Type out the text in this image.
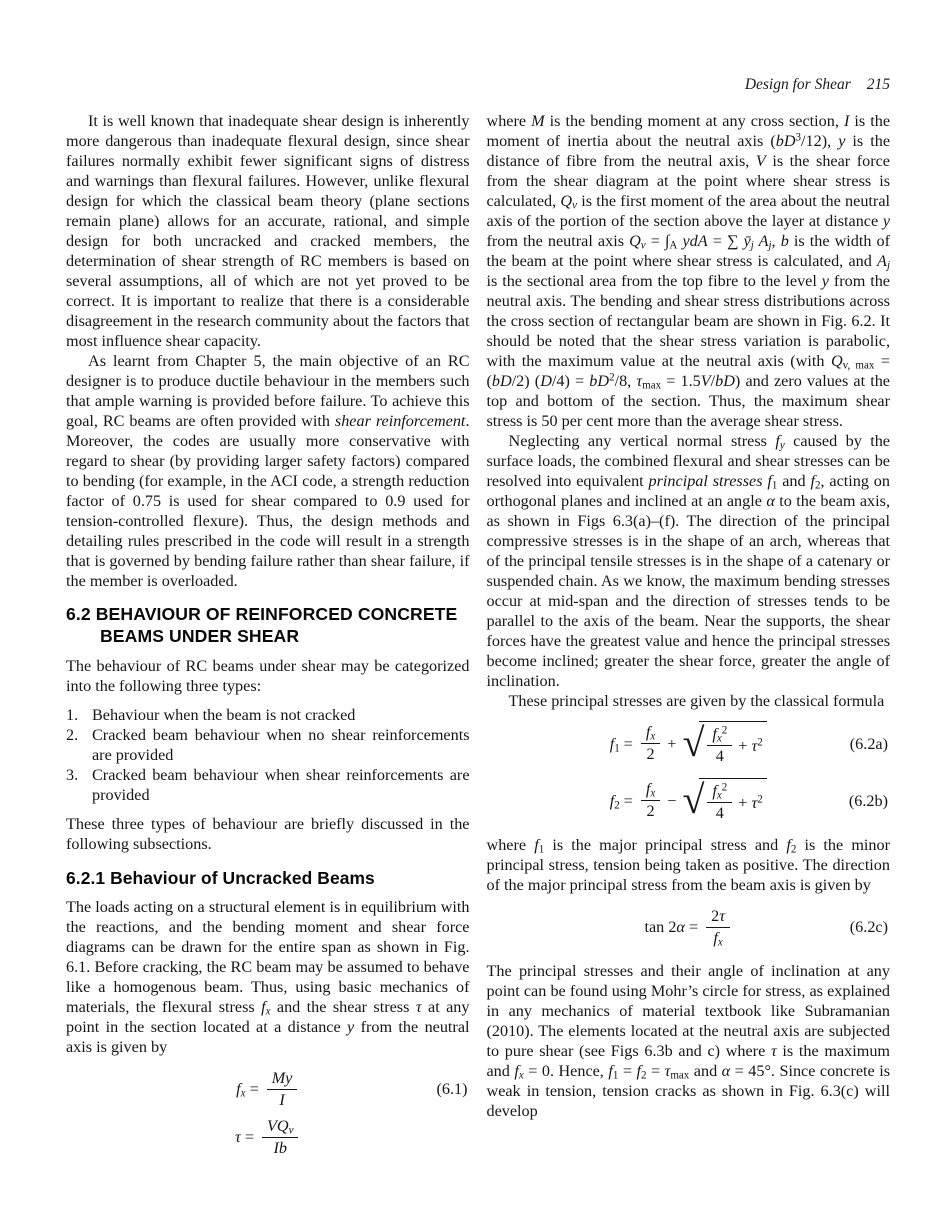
Design for Shear 215

It is well known that inadequate shear design is inherently more dangerous than inadequate flexural design, since shear failures normally exhibit fewer significant signs of distress and warnings than flexural failures. However, unlike flexural design for which the classical beam theory (plane sections remain plane) allows for an accurate, rational, and simple design for both uncracked and cracked members, the determination of shear strength of RC members is based on several assumptions, all of which are not yet proved to be correct. It is important to realize that there is a considerable disagreement in the research community about the factors that most influence shear capacity.

As learnt from Chapter 5, the main objective of an RC designer is to produce ductile behaviour in the members such that ample warning is provided before failure. To achieve this goal, RC beams are often provided with shear reinforcement. Moreover, the codes are usually more conservative with regard to shear (by providing larger safety factors) compared to bending (for example, in the ACI code, a strength reduction factor of 0.75 is used for shear compared to 0.9 used for tension-controlled flexure). Thus, the design methods and detailing rules prescribed in the code will result in a strength that is governed by bending failure rather than shear failure, if the member is overloaded.

6.2 BEHAVIOUR OF REINFORCED CONCRETE
BEAMS UNDER SHEAR

The behaviour of RC beams under shear may be categorized into the following three types:

1. Behaviour when the beam is not cracked
2. Cracked beam behaviour when no shear reinforcements are provided
3. Cracked beam behaviour when shear reinforcements are provided

These three types of behaviour are briefly discussed in the following subsections.

6.2.1 Behaviour of Uncracked Beams

The loads acting on a structural element is in equilibrium with the reactions, and the bending moment and shear force diagrams can be drawn for the entire span as shown in Fig. 6.1. Before cracking, the RC beam may be assumed to behave like a homogenous beam. Thus, using basic mechanics of materials, the flexural stress $f_x$ and the shear stress τ at any point in the section located at a distance y from the neutral axis is given by

$f_x = \frac{My}{I}$	(6.1)
$\tau = \frac{VQ_v}{Ib}$

where M is the bending moment at any cross section, I is the moment of inertia about the neutral axis $(bD^3/12)$, y is the distance of fibre from the neutral axis, V is the shear force from the shear diagram at the point where shear stress is calculated, $Q_v$ is the first moment of the area about the neutral axis of the portion of the section above the layer at distance y from the neutral axis $Q_v = \int_A$ ydA = ∑ $ȳ_j$ $A_j$, b is the width of the beam at the point where shear stress is calculated, and $A_j$ is the sectional area from the top fibre to the level y from the neutral axis. The bending and shear stress distributions across the cross section of rectangular beam are shown in Fig. 6.2. It should be noted that the shear stress variation is parabolic, with the maximum value at the neutral axis (with $Q_{v, max} = (bD/2) (D/4) = bD^2/8$, $\tau_{max} = 1.5V/bD$) and zero values at the top and bottom of the section. Thus, the maximum shear stress is 50 per cent more than the average shear stress.

Neglecting any vertical normal stress $f_y$ caused by the surface loads, the combined flexural and shear stresses can be resolved into equivalent principal stresses $f_1$ and $f_2$, acting on orthogonal planes and inclined at an angle α to the beam axis, as shown in Figs 6.3(a)–(f). The direction of the principal compressive stresses is in the shape of an arch, whereas that of the principal tensile stresses is in the shape of a catenary or suspended chain. As we know, the maximum bending stresses occur at mid-span and the direction of stresses tends to be parallel to the axis of the beam. Near the supports, the shear forces have the greatest value and hence the principal stresses become inclined; greater the shear force, greater the angle of inclination.

These principal stresses are given by the classical formula

$f_1 = \frac{f_x}{2}$ + √ $\frac{f_x^2}{4} + \tau^2$	(6.2a)
$f_2 = \frac{f_x}{2}$ − √ $\frac{f_x^2}{4} + \tau^2$	(6.2b)

where $f_1$ is the major principal stress and $f_2$ is the minor principal stress, tension being taken as positive. The direction of the major principal stress from the beam axis is given by

$\tan 2\alpha = \frac{2\tau}{f_x}$	(6.2c)

The principal stresses and their angle of inclination at any point can be found using Mohr’s circle for stress, as explained in any mechanics of material textbook like Subramanian (2010). The elements located at the neutral axis are subjected to pure shear (see Figs 6.3b and c) where τ is the maximum and $f_x = 0$. Hence, $f_1 = f_2 = \tau_{max}$ and α = 45°. Since concrete is weak in tension, tension cracks as shown in Fig. 6.3(c) will develop
